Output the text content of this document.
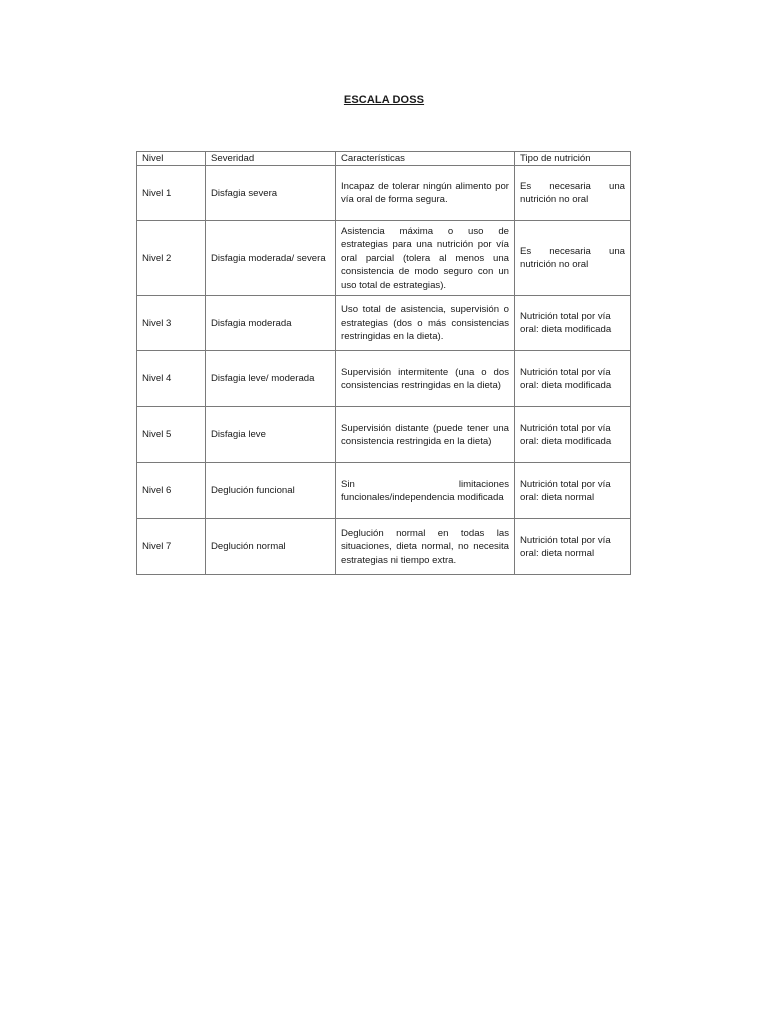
ESCALA DOSS
Nivel	Severidad	Características	Tipo de nutrición
Nivel 1	Disfagia severa	Incapaz de tolerar ningún alimento por vía oral de forma segura.	Es necesaria una nutrición no oral
Nivel 2	Disfagia moderada/ severa	Asistencia máxima o uso de estrategias para una nutrición por vía oral parcial (tolera al menos una consistencia de modo seguro con un uso total de estrategias).	Es necesaria una nutrición no oral
Nivel 3	Disfagia moderada	Uso total de asistencia, supervisión o estrategias (dos o más consistencias restringidas en la dieta).	Nutrición total por vía oral: dieta modificada
Nivel 4	Disfagia leve/ moderada	Supervisión intermitente (una o dos consistencias restringidas en la dieta)	Nutrición total por vía oral: dieta modificada
Nivel 5	Disfagia leve	Supervisión distante (puede tener una consistencia restringida en la dieta)	Nutrición total por vía oral: dieta modificada
Nivel 6	Deglución funcional	Sin limitaciones funcionales/independencia modificada	Nutrición total por vía oral: dieta normal
Nivel 7	Deglución normal	Deglución normal en todas las situaciones, dieta normal, no necesita estrategias ni tiempo extra.	Nutrición total por vía oral: dieta normal
